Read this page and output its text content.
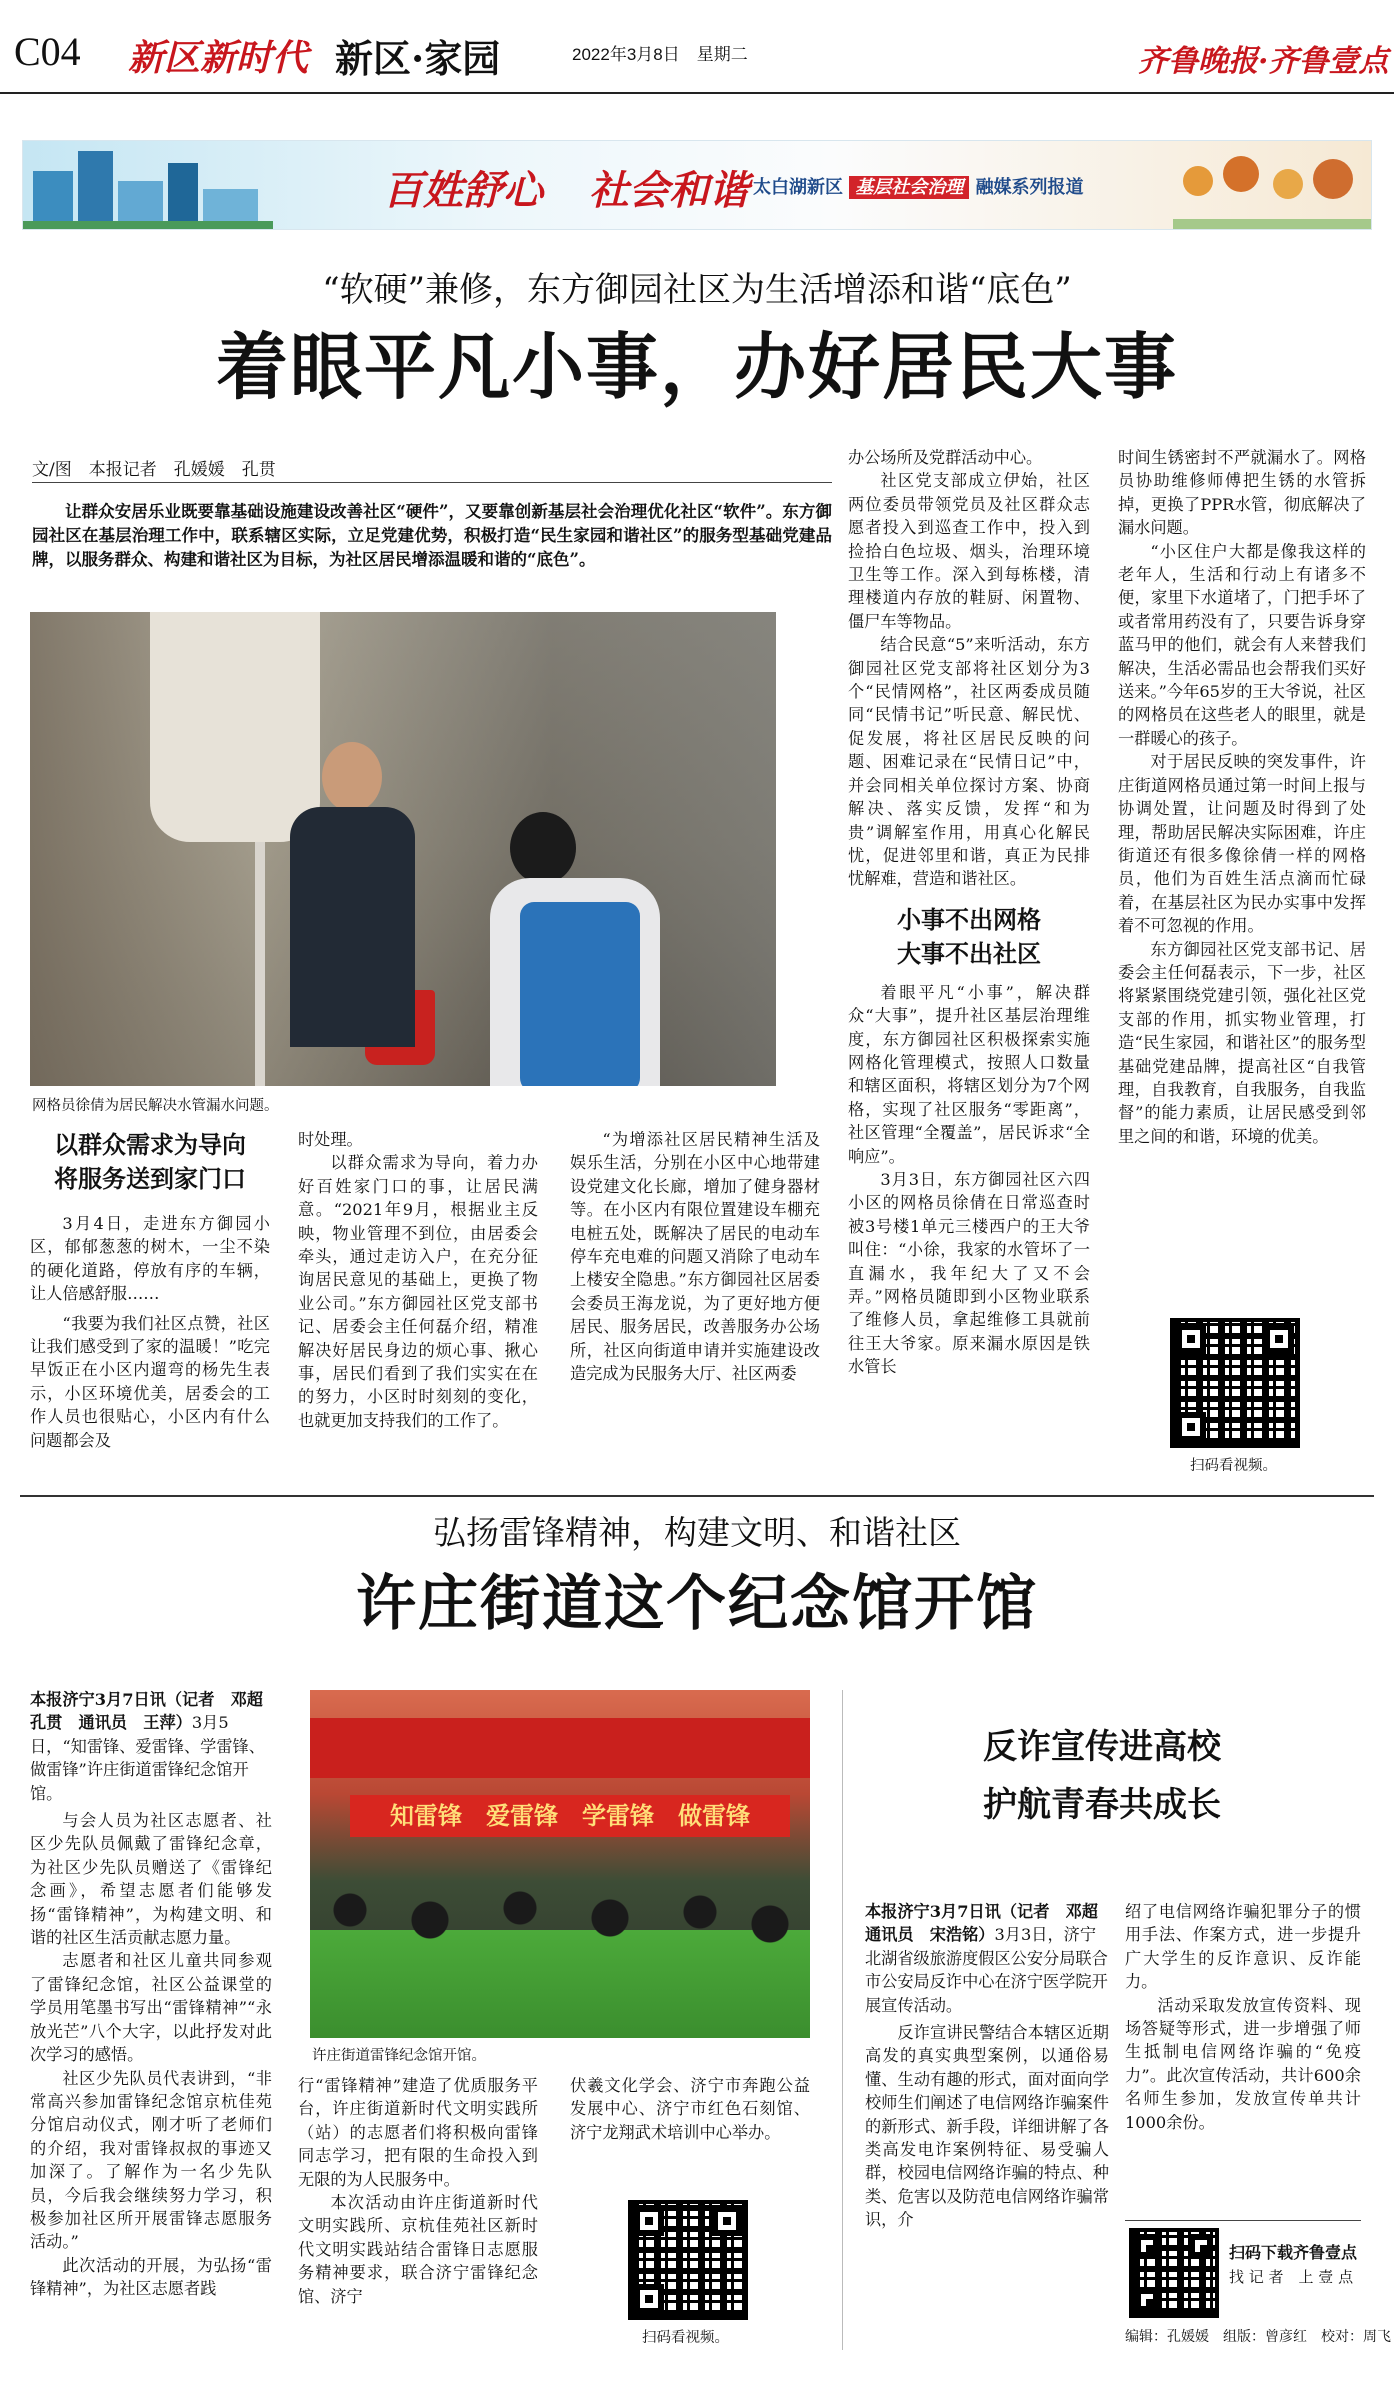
C04 新区新时代 新区·家园	2022年3月8日　星期二	齐鲁晚报·齐鲁壹点
百姓舒心 社会和谐 太白湖新区 基层社会治理 融媒系列报道
“软硬”兼修，东方御园社区为生活增添和谐“底色”
着眼平凡小事，办好居民大事
文/图　本报记者　孔媛媛　孔贯

让群众安居乐业既要靠基础设施建设改善社区“硬件”，又要靠创新基层社会治理优化社区“软件”。东方御园社区在基层治理工作中，联系辖区实际，立足党建优势，积极打造“民生家园和谐社区”的服务型基础党建品牌，以服务群众、构建和谐社区为目标，为社区居民增添温暖和谐的“底色”。

网格员徐倩为居民解决水管漏水问题。
以群众需求为导向
将服务送到家门口

3月4日，走进东方御园小区，郁郁葱葱的树木，一尘不染的硬化道路，停放有序的车辆，让人倍感舒服……

“我要为我们社区点赞，社区让我们感受到了家的温暖！”吃完早饭正在小区内遛弯的杨先生表示，小区环境优美，居委会的工作人员也很贴心，小区内有什么问题都会及

时处理。

以群众需求为导向，着力办好百姓家门口的事，让居民满意。“2021年9月，根据业主反映，物业管理不到位，由居委会牵头，通过走访入户，在充分征询居民意见的基础上，更换了物业公司。”东方御园社区党支部书记、居委会主任何磊介绍，精准解决好居民身边的烦心事、揪心事，居民们看到了我们实实在在的努力，小区时时刻刻的变化，也就更加支持我们的工作了。

“为增添社区居民精神生活及娱乐生活，分别在小区中心地带建设党建文化长廊，增加了健身器材等。在小区内有限位置建设车棚充电桩五处，既解决了居民的电动车停车充电难的问题又消除了电动车上楼安全隐患。”东方御园社区居委会委员王海龙说，为了更好地方便居民、服务居民，改善服务办公场所，社区向街道申请并实施建设改造完成为民服务大厅、社区两委

办公场所及党群活动中心。

社区党支部成立伊始，社区两位委员带领党员及社区群众志愿者投入到巡查工作中，投入到捡拾白色垃圾、烟头，治理环境卫生等工作。深入到每栋楼，清理楼道内存放的鞋厨、闲置物、僵尸车等物品。

结合民意“5”来听活动，东方御园社区党支部将社区划分为3个“民情网格”，社区两委成员随同“民情书记”听民意、解民忧、促发展，将社区居民反映的问题、困难记录在“民情日记”中，并会同相关单位探讨方案、协商解决、落实反馈，发挥“和为贵”调解室作用，用真心化解民忧，促进邻里和谐，真正为民排忧解难，营造和谐社区。

小事不出网格
大事不出社区

着眼平凡“小事”，解决群众“大事”，提升社区基层治理维度，东方御园社区积极探索实施网格化管理模式，按照人口数量和辖区面积，将辖区划分为7个网格，实现了社区服务“零距离”，社区管理“全覆盖”，居民诉求“全响应”。

3月3日，东方御园社区六四小区的网格员徐倩在日常巡查时被3号楼1单元三楼西户的王大爷叫住：“小徐，我家的水管坏了一直漏水，我年纪大了又不会弄。”网格员随即到小区物业联系了维修人员，拿起维修工具就前往王大爷家。原来漏水原因是铁水管长

时间生锈密封不严就漏水了。网格员协助维修师傅把生锈的水管拆掉，更换了PPR水管，彻底解决了漏水问题。

“小区住户大都是像我这样的老年人，生活和行动上有诸多不便，家里下水道堵了，门把手坏了或者常用药没有了，只要告诉身穿蓝马甲的他们，就会有人来替我们解决，生活必需品也会帮我们买好送来。”今年65岁的王大爷说，社区的网格员在这些老人的眼里，就是一群暖心的孩子。

对于居民反映的突发事件，许庄街道网格员通过第一时间上报与协调处置，让问题及时得到了处理，帮助居民解决实际困难，许庄街道还有很多像徐倩一样的网格员，他们为百姓生活点滴而忙碌着，在基层社区为民办实事中发挥着不可忽视的作用。

东方御园社区党支部书记、居委会主任何磊表示，下一步，社区将紧紧围绕党建引领，强化社区党支部的作用，抓实物业管理，打造“民生家园，和谐社区”的服务型基础党建品牌，提高社区“自我管理，自我教育，自我服务，自我监督”的能力素质，让居民感受到邻里之间的和谐，环境的优美。

扫码看视频。
弘扬雷锋精神，构建文明、和谐社区
许庄街道这个纪念馆开馆

本报济宁3月7日讯（记者　邓超　孔贯　通讯员　王萍）

3月5日，“知雷锋、爱雷锋、学雷锋、做雷锋”许庄街道雷锋纪念馆开馆。

与会人员为社区志愿者、社区少先队员佩戴了雷锋纪念章，为社区少先队员赠送了《雷锋纪念画》，希望志愿者们能够发扬“雷锋精神”，为构建文明、和谐的社区生活贡献志愿力量。

志愿者和社区儿童共同参观了雷锋纪念馆，社区公益课堂的学员用笔墨书写出“雷锋精神”“永放光芒”八个大字，以此抒发对此次学习的感悟。

社区少先队员代表讲到，“非常高兴参加雷锋纪念馆京杭佳苑分馆启动仪式，刚才听了老师们的介绍，我对雷锋叔叔的事迹又加深了。了解作为一名少先队员，今后我会继续努力学习，积极参加社区所开展雷锋志愿服务活动。”

此次活动的开展，为弘扬“雷锋精神”，为社区志愿者践

知雷锋　爱雷锋　学雷锋　做雷锋
许庄街道雷锋纪念馆开馆。

行“雷锋精神”建造了优质服务平台，许庄街道新时代文明实践所（站）的志愿者们将积极向雷锋同志学习，把有限的生命投入到无限的为人民服务中。

本次活动由许庄街道新时代文明实践所、京杭佳苑社区新时代文明实践站结合雷锋日志愿服务精神要求，联合济宁雷锋纪念馆、济宁

伏羲文化学会、济宁市奔跑公益发展中心、济宁市红色石刻馆、济宁龙翔武术培训中心举办。

扫码看视频。
反诈宣传进高校
护航青春共成长

本报济宁3月7日讯（记者　邓超　通讯员　宋浩铭）

3月3日，济宁北湖省级旅游度假区公安分局联合市公安局反诈中心在济宁医学院开展宣传活动。

反诈宣讲民警结合本辖区近期高发的真实典型案例，以通俗易懂、生动有趣的形式，面对面向学校师生们阐述了电信网络诈骗案件的新形式、新手段，详细讲解了各类高发电诈案例特征、易受骗人群，校园电信网络诈骗的特点、种类、危害以及防范电信网络诈骗常识，介

绍了电信网络诈骗犯罪分子的惯用手法、作案方式，进一步提升广大学生的反诈意识、反诈能力。

活动采取发放宣传资料、现场答疑等形式，进一步增强了师生抵制电信网络诈骗的“免疫力”。此次宣传活动，共计600余名师生参加，发放宣传单共计1000余份。

扫码下载齐鲁壹点
找 记 者　上 壹 点
编辑：孔媛媛　组版：曾彦红　校对：周飞
